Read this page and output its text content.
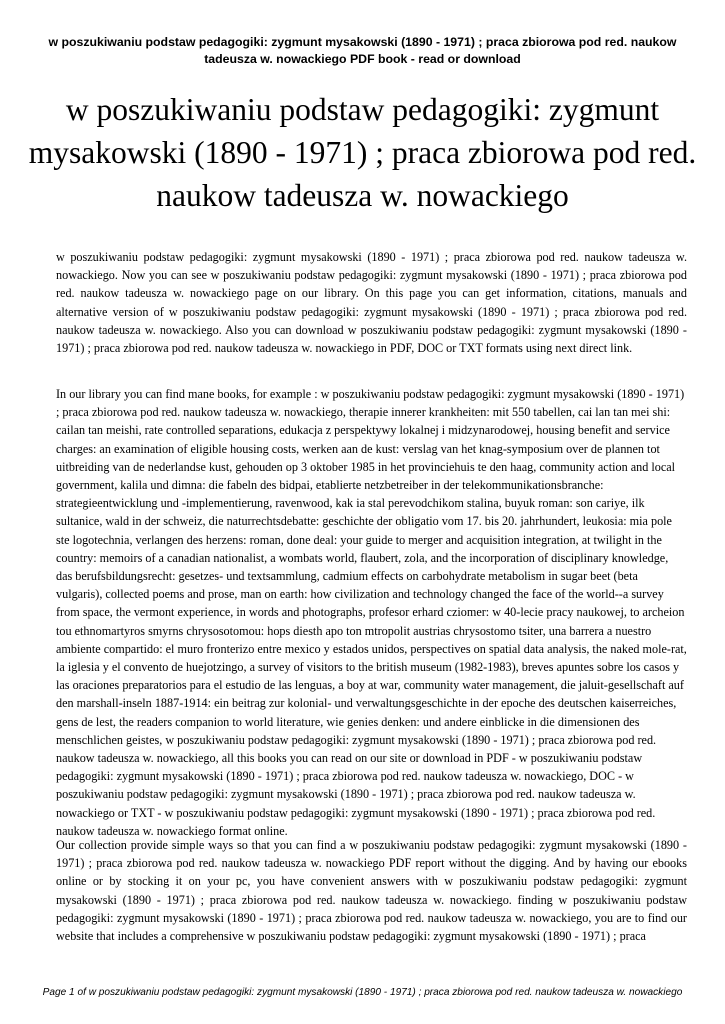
w poszukiwaniu podstaw pedagogiki: zygmunt mysakowski (1890 - 1971) ; praca zbiorowa pod red. naukow tadeusza w. nowackiego PDF book - read or download
w poszukiwaniu podstaw pedagogiki: zygmunt mysakowski (1890 - 1971) ; praca zbiorowa pod red. naukow tadeusza w. nowackiego

w poszukiwaniu podstaw pedagogiki: zygmunt mysakowski (1890 - 1971) ; praca zbiorowa pod red. naukow tadeusza w. nowackiego. Now you can see w poszukiwaniu podstaw pedagogiki: zygmunt mysakowski (1890 - 1971) ; praca zbiorowa pod red. naukow tadeusza w. nowackiego page on our library. On this page you can get information, citations, manuals and alternative version of w poszukiwaniu podstaw pedagogiki: zygmunt mysakowski (1890 - 1971) ; praca zbiorowa pod red. naukow tadeusza w. nowackiego. Also you can download w poszukiwaniu podstaw pedagogiki: zygmunt mysakowski (1890 - 1971) ; praca zbiorowa pod red. naukow tadeusza w. nowackiego in PDF, DOC or TXT formats using next direct link.

In our library you can find mane books, for example : w poszukiwaniu podstaw pedagogiki: zygmunt mysakowski (1890 - 1971) ; praca zbiorowa pod red. naukow tadeusza w. nowackiego, therapie innerer krankheiten: mit 550 tabellen, cai lan tan mei shi: cailan tan meishi, rate controlled separations, edukacja z perspektywy lokalnej i midzynarodowej, housing benefit and service charges: an examination of eligible housing costs, werken aan de kust: verslag van het knag-symposium over de plannen tot uitbreiding van de nederlandse kust, gehouden op 3 oktober 1985 in het provinciehuis te den haag, community action and local government, kalila und dimna: die fabeln des bidpai, etablierte netzbetreiber in der telekommunikationsbranche: strategieentwicklung und -implementierung, ravenwood, kak ia stal perevodchikom stalina, buyuk roman: son cariye, ilk sultanice, wald in der schweiz, die naturrechtsdebatte: geschichte der obligatio vom 17. bis 20. jahrhundert, leukosia: mia pole ste logotechnia, verlangen des herzens: roman, done deal: your guide to merger and acquisition integration, at twilight in the country: memoirs of a canadian nationalist, a wombats world, flaubert, zola, and the incorporation of disciplinary knowledge, das berufsbildungsrecht: gesetzes- und textsammlung, cadmium effects on carbohydrate metabolism in sugar beet (beta vulgaris), collected poems and prose, man on earth: how civilization and technology changed the face of the world--a survey from space, the vermont experience, in words and photographs, profesor erhard cziomer: w 40-lecie pracy naukowej, to archeion tou ethnomartyros smyrns chrysosotomou: hops diesth apo ton mtropolit austrias chrysostomo tsiter, una barrera a nuestro ambiente compartido: el muro fronterizo entre mexico y estados unidos, perspectives on spatial data analysis, the naked mole-rat, la iglesia y el convento de huejotzingo, a survey of visitors to the british museum (1982-1983), breves apuntes sobre los casos y las oraciones preparatorios para el estudio de las lenguas, a boy at war, community water management, die jaluit-gesellschaft auf den marshall-inseln 1887-1914: ein beitrag zur kolonial- und verwaltungsgeschichte in der epoche des deutschen kaiserreiches, gens de lest, the readers companion to world literature, wie genies denken: und andere einblicke in die dimensionen des menschlichen geistes, w poszukiwaniu podstaw pedagogiki: zygmunt mysakowski (1890 - 1971) ; praca zbiorowa pod red. naukow tadeusza w. nowackiego, all this books you can read on our site or download in PDF - w poszukiwaniu podstaw pedagogiki: zygmunt mysakowski (1890 - 1971) ; praca zbiorowa pod red. naukow tadeusza w. nowackiego, DOC - w poszukiwaniu podstaw pedagogiki: zygmunt mysakowski (1890 - 1971) ; praca zbiorowa pod red. naukow tadeusza w. nowackiego or TXT - w poszukiwaniu podstaw pedagogiki: zygmunt mysakowski (1890 - 1971) ; praca zbiorowa pod red. naukow tadeusza w. nowackiego format online.

Our collection provide simple ways so that you can find a w poszukiwaniu podstaw pedagogiki: zygmunt mysakowski (1890 - 1971) ; praca zbiorowa pod red. naukow tadeusza w. nowackiego PDF report without the digging. And by having our ebooks online or by stocking it on your pc, you have convenient answers with w poszukiwaniu podstaw pedagogiki: zygmunt mysakowski (1890 - 1971) ; praca zbiorowa pod red. naukow tadeusza w. nowackiego. finding w poszukiwaniu podstaw pedagogiki: zygmunt mysakowski (1890 - 1971) ; praca zbiorowa pod red. naukow tadeusza w. nowackiego, you are to find our website that includes a comprehensive w poszukiwaniu podstaw pedagogiki: zygmunt mysakowski (1890 - 1971) ; praca

Page 1 of w poszukiwaniu podstaw pedagogiki: zygmunt mysakowski (1890 - 1971) ; praca zbiorowa pod red. naukow tadeusza w. nowackiego
